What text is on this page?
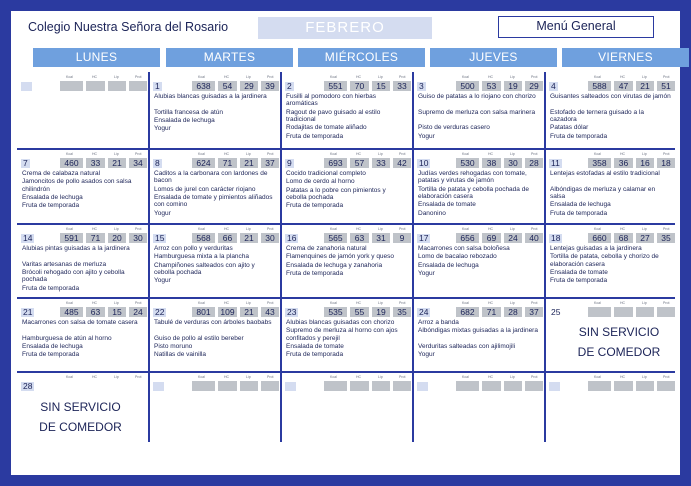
Colegio Nuestra Señora del Rosario	FEBRERO	Menú General
LUNES	MARTES	MIÉRCOLES	JUEVES	VIERNES
Kcal	HC	Líp	Prot	Kcal	HC	Líp	Prot
1	638	54	29	39
Alubias blancas guisadas a la jardinera
Tortilla francesa de atún
Ensalada de lechuga
Yogur
Kcal	HC	Líp	Prot
2	551	70	15	33
Fusilli al pomodoro con hierbas aromáticas
Ragout de pavo guisado al estilo tradicional
Rodajitas de tomate aliñado
Fruta de temporada
Kcal	HC	Líp	Prot
3	500	53	19	29
Guiso de patatas a lo riojano con chorizo
Supremo de merluza con salsa marinera
Pisto de verduras casero
Yogur
Kcal	HC	Líp	Prot
4	588	47	21	51
Guisantes salteados con virutas de jamón
Estofado de ternera guisado a la cazadora
Patatas dólar
Fruta de temporada
Kcal	HC	Líp	Prot
7	460	33	21	34
Crema de calabaza natural
Jamoncitos de pollo asados con salsa chilindrón
Ensalada de lechuga
Fruta de temporada
Kcal	HC	Líp	Prot
8	624	71	21	37
Caditos a la carbonara con lardones de bacon
Lomos de jurel con carácter riojano
Ensalada de tomate y pimientos aliñados con comino
Yogur
Kcal	HC	Líp	Prot
9	693	57	33	42
Cocido tradicional completo
Lomo de cerdo al horno
Patatas a lo pobre con pimientos y cebolla pochada
Fruta de temporada
Kcal	HC	Líp	Prot
10	530	38	30	28
Judías verdes rehogadas con tomate, patatas y virutas de jamón
Tortilla de patata y cebolla pochada de elaboración casera
Ensalada de tomate
Danonino
Kcal	HC	Líp	Prot
11	358	36	16	18
Lentejas estofadas al estilo tradicional
Albóndigas de merluza y calamar en salsa
Ensalada de lechuga
Fruta de temporada
Kcal	HC	Líp	Prot
14	591	71	20	30
Alubias pintas guisadas a la jardinera
Varitas artesanas de merluza
Brócoli rehogado con ajito y cebolla pochada
Fruta de temporada
Kcal	HC	Líp	Prot
15	568	66	21	30
Arroz con pollo y verduritas
Hamburguesa mixta a la plancha
Champiñones salteados con ajito y cebolla pochada
Yogur
Kcal	HC	Líp	Prot
16	565	63	31	9
Crema de zanahoria natural
Flamenquines de jamón york y queso
Ensalada de lechuga y zanahoria
Fruta de temporada
Kcal	HC	Líp	Prot
17	656	69	24	40
Macarrones con salsa boloñesa
Lomo de bacalao rebozado
Ensalada de lechuga
Yogur
Kcal	HC	Líp	Prot
18	660	68	27	35
Lentejas guisadas a la jardinera
Tortilla de patata, cebolla y chorizo de elaboración casera
Ensalada de tomate
Fruta de temporada
Kcal	HC	Líp	Prot
21	485	63	15	24
Macarrones con salsa de tomate casera
Hamburguesa de atún al horno
Ensalada de lechuga
Fruta de temporada
Kcal	HC	Líp	Prot
22	801	109	21	43
Tabulé de verduras con árboles baobabs
Guiso de pollo al estilo bereber
Pisto moruno
Natillas de vainilla
Kcal	HC	Líp	Prot
23	535	55	19	35
Alubias blancas guisadas con chorizo
Supremo de merluza al horno con ajos confitados y perejil
Ensalada de tomate
Fruta de temporada
Kcal	HC	Líp	Prot
24	682	71	28	37
Arroz a banda
Albóndigas mixtas guisadas a la jardinera
Verduritas salteadas con ajilimojili
Yogur
Kcal	HC	Líp	Prot
25
SIN SERVICIO
DE COMEDOR
Kcal	HC	Líp	Prot
28
SIN SERVICIO
DE COMEDOR
Kcal	HC	Líp	Prot	Kcal	HC	Líp	Prot	Kcal	HC	Líp	Prot	Kcal	HC	Líp	Prot
